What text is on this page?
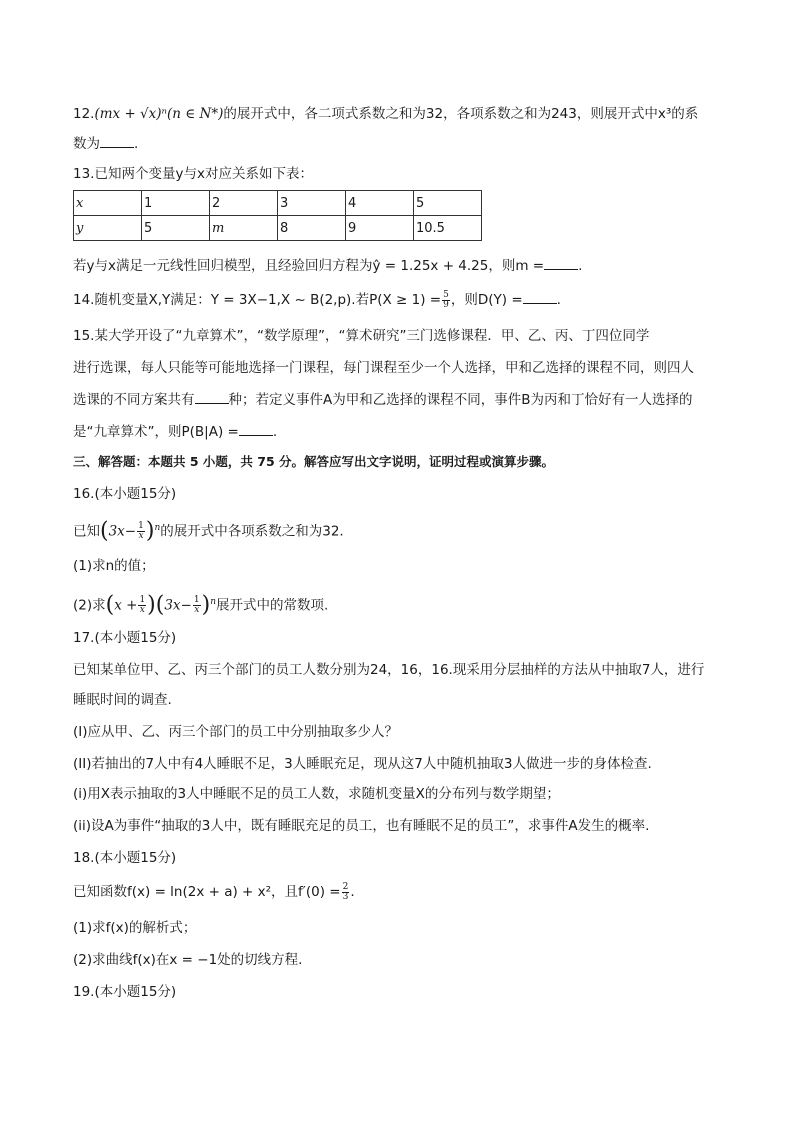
12.(mx + √x)ⁿ(n ∈ N*)的展开式中，各二项式系数之和为32，各项系数之和为243，则展开式中x³的系
数为	.
13.已知两个变量y与x对应关系如下表：
x	1	2	3	4	5
y	5	m	8	9	10.5
若y与x满足一元线性回归模型，且经验回归方程为ŷ = 1.25x + 4.25，则m =	.
14.随机变量X,Y满足：Y = 3X−1,X ~ B(2,p).若$P(X \ge 1) = \frac{5}{9}$ ，则D(Y) =	.
15.某大学开设了“九章算术”，“数学原理”，“算术研究”三门选修课程．甲、乙、丙、丁四位同学
进行选课，每人只能等可能地选择一门课程，每门课程至少一个人选择，甲和乙选择的课程不同，则四人
选课的不同方案共有	种；若定义事件A为甲和乙选择的课程不同，事件B为丙和丁恰好有一人选择的
是“九章算术”，则P(B|A) =	.
三、解答题：本题共 5 小题，共 75 分。解答应写出文字说明，证明过程或演算步骤。
16.(本小题15分)
已知$(3x- \frac{1}{x} )^n$的展开式中各项系数之和为32.
(1)求n的值；
(2)求$(x + \frac{1}{x} )(3x- \frac{1}{x} )^n$展开式中的常数项.
17.(本小题15分)
已知某单位甲、乙、丙三个部门的员工人数分别为24，16，16.现采用分层抽样的方法从中抽取7人，进行
睡眠时间的调查.
(I)应从甲、乙、丙三个部门的员工中分别抽取多少人？
(II)若抽出的7人中有4人睡眠不足，3人睡眠充足，现从这7人中随机抽取3人做进一步的身体检查.
(i)用X表示抽取的3人中睡眠不足的员工人数，求随机变量X的分布列与数学期望；
(ii)设A为事件“抽取的3人中，既有睡眠充足的员工，也有睡眠不足的员工”，求事件A发生的概率.
18.(本小题15分)
已知函数f(x) = ln(2x + a) + x²，且$f'(0) = \frac{2}{3}$ .
(1)求f(x)的解析式；
(2)求曲线f(x)在x = −1处的切线方程.
19.(本小题15分)
